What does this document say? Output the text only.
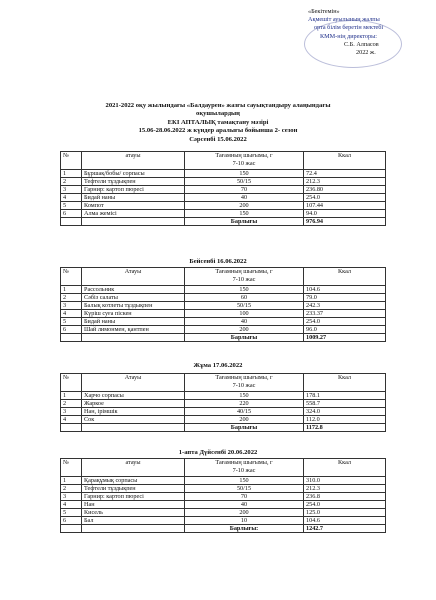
«Бекітемін»
Ақмешіт ауылының жалпы
орта білім беретін мектебі
КММ-нің директоры:
С.Б. Алпасов
2022 ж.
2021-2022 оқу жылындағы «Балдаурен» жазғы сауықтандыру алаңындағы
оқушылардың
ЕКІ АПТАЛЫҚ тамақтану мәзірі
15.06-28.06.2022 ж күндер аралығы бойынша 2- сезон
Сәрсенбі 15.06.2022
№	атауы	Тағамның шығымы, г
7-10 жас	Ккал
1	Бұршақ/бобы/ сорпасы	150	72.4
2	Тефтели тұздықпен	50/15	212.3
3	Гарнир: картоп пюресі	70	236.80
4	Бидай наны	40	254.0
5	Компот	200	107.44
6	Алма жемісі	150	94.0
		Барлығы	976.94
Бейсенбі 16.06.2022
№	Атауы	Тағамның шығымы, г
7-10 жас	Ккал
1	Рассольник	150	104.6
2	Сәбіз салаты	60	79.0
3	Балық котлеты тұздықпен	50/15	242.3
4	Күріш суға піскен	100	233.37
5	Бидай наны	40	254.0
6	Шай лимонмен, қантпен	200	96.0
		Барлығы	1009.27
Жұма 17.06.2022
№	Атауы	Тағамның шығымы, г
7-10 жас	Ккал
1	Харчо сорпасы	150	178.1
2	Жаркое	220	558.7
3	Нан, ірімшік	40/15	324.0
4	Сок	200	112.0
		Барлығы	1172.8
1-апта Дүйсенбі 20.06.2022
№	атауы	Тағамның шығымы, г
7-10 жас	Ккал
1	Қарақұмық сорпасы	150	310.0
2	Тефтели тұздықпен	50/15	212.3
3	Гарнир: картоп пюресі	70	236.8
4	Нан	40	254.0
5	Кисель	200	125.0
6	Бал	10	104.6
		Барлығы:	1242.7
